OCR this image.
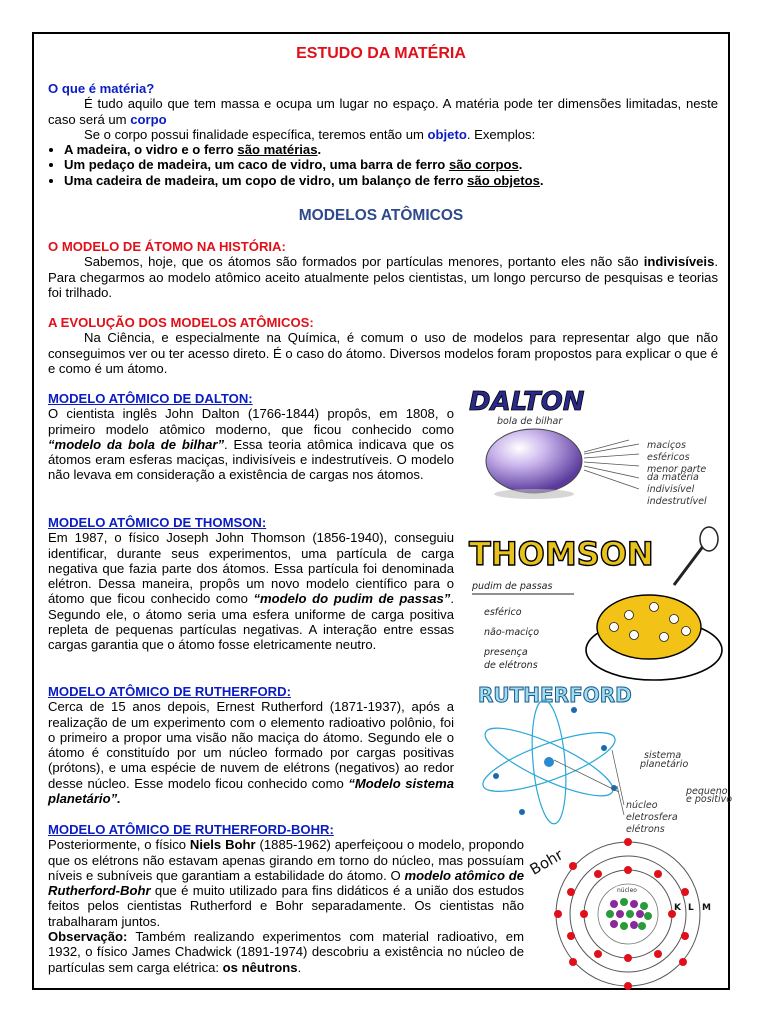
ESTUDO DA MATÉRIA

O que é matéria?

É tudo aquilo que tem massa e ocupa um lugar no espaço. A matéria pode ter dimensões limitadas, neste caso será um corpo

Se o corpo possui finalidade específica, teremos então um objeto. Exemplos:

• A madeira, o vidro e o ferro são matérias.
• Um pedaço de madeira, um caco de vidro, uma barra de ferro são corpos.
• Uma cadeira de madeira, um copo de vidro, um balanço de ferro são objetos.
MODELOS ATÔMICOS

O MODELO DE ÁTOMO NA HISTÓRIA:

Sabemos, hoje, que os átomos são formados por partículas menores, portanto eles não são indivisíveis. Para chegarmos ao modelo atômico aceito atualmente pelos cientistas, um longo percurso de pesquisas e teorias foi trilhado.

A EVOLUÇÃO DOS MODELOS ATÔMICOS:

Na Ciência, e especialmente na Química, é comum o uso de modelos para representar algo que não conseguimos ver ou ter acesso direto. É o caso do átomo. Diversos modelos foram propostos para explicar o que é e como é um átomo.

MODELO ATÔMICO DE DALTON:

O cientista inglês John Dalton (1766-1844) propôs, em 1808, o primeiro modelo atômico moderno, que ficou conhecido como “modelo da bola de bilhar”. Essa teoria atômica indicava que os átomos eram esferas maciças, indivisíveis e indestrutíveis. O modelo não levava em consideração a existência de cargas nos átomos.

MODELO ATÔMICO DE THOMSON:

Em 1987, o físico Joseph John Thomson (1856-1940), conseguiu identificar, durante seus experimentos, uma partícula de carga negativa que fazia parte dos átomos. Essa partícula foi denominada elétron. Dessa maneira, propôs um novo modelo científico para o átomo que ficou conhecido como “modelo do pudim de passas”. Segundo ele, o átomo seria uma esfera uniforme de carga positiva repleta de pequenas partículas negativas. A interação entre essas cargas garantia que o átomo fosse eletricamente neutro.

MODELO ATÔMICO DE RUTHERFORD:

Cerca de 15 anos depois, Ernest Rutherford (1871-1937), após a realização de um experimento com o elemento radioativo polônio, foi o primeiro a propor uma visão não maciça do átomo. Segundo ele o átomo é constituído por um núcleo formado por cargas positivas (prótons), e uma espécie de nuvem de elétrons (negativos) ao redor desse núcleo. Esse modelo ficou conhecido como “Modelo sistema planetário”.

MODELO ATÔMICO DE RUTHERFORD-BOHR:

Posteriormente, o físico Niels Bohr (1885-1962) aperfeiçoou o modelo, propondo que os elétrons não estavam apenas girando em torno do núcleo, mas possuíam níveis e subníveis que garantiam a estabilidade do átomo. O modelo atômico de Rutherford-Bohr que é muito utilizado para fins didáticos é a união dos estudos feitos pelos cientistas Rutherford e Bohr separadamente. Os cientistas não trabalharam juntos.

Observação: Também realizando experimentos com material radioativo, em 1932, o físico James Chadwick (1891-1974) descobriu a existência no núcleo de partículas sem carga elétrica: os nêutrons.

DALTON
bola de bilhar
maciços
esféricos
menor parte
da matéria
indivisível
indestrutível
THOMSON
pudim de passas
esférico
não-maciço
presença
de elétrons
RUTHERFORD
sistema
planetário
pequeno
e positivo
núcleo
eletrosfera
elétrons
Bohr
núcleo
K L M
